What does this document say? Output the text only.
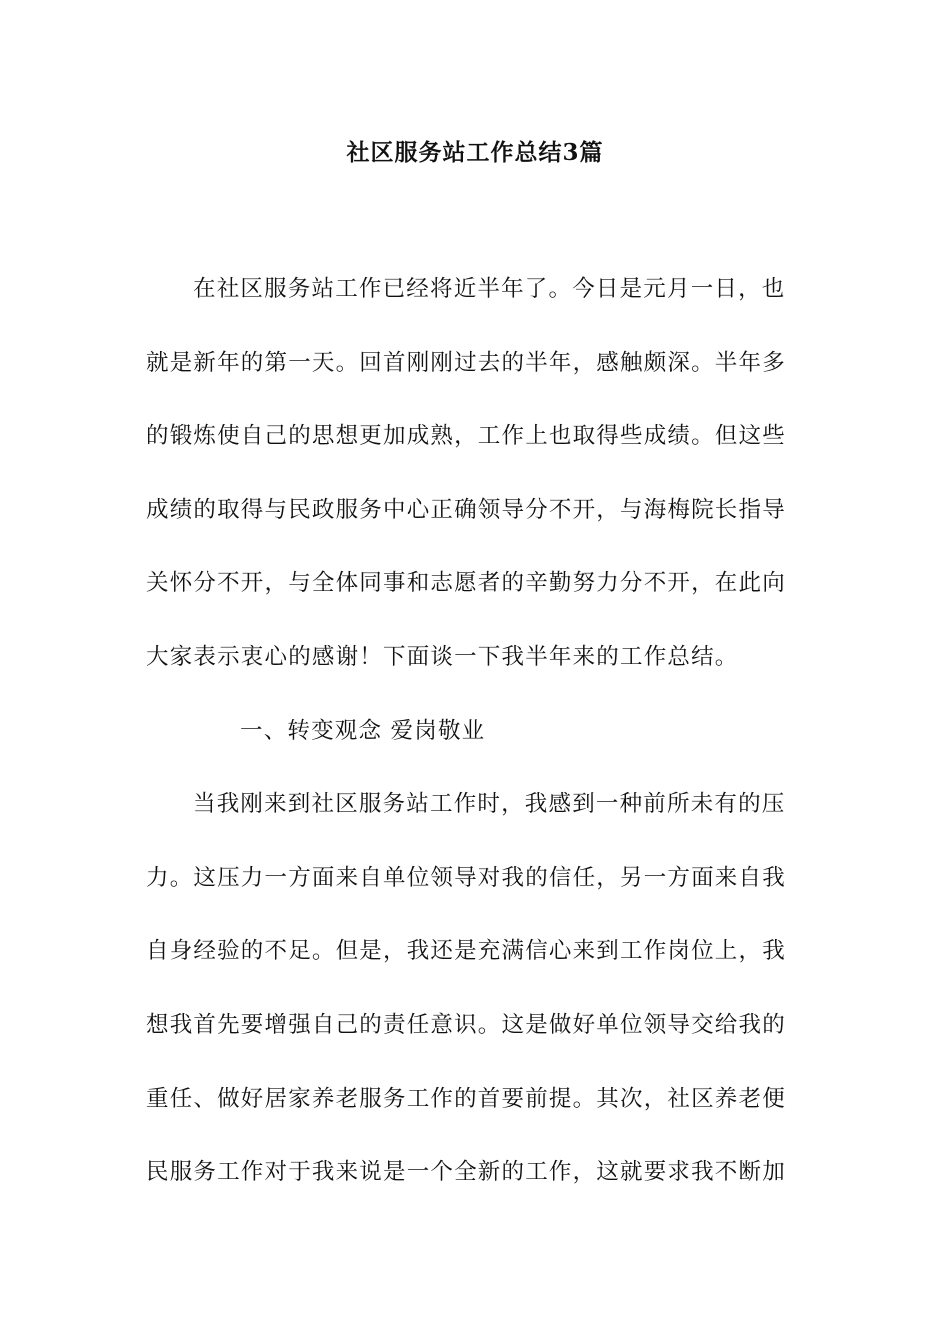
社区服务站工作总结3篇
在社区服务站工作已经将近半年了。今日是元月一日，也
就是新年的第一天。回首刚刚过去的半年，感触颇深。半年多
的锻炼使自己的思想更加成熟，工作上也取得些成绩。但这些
成绩的取得与民政服务中心正确领导分不开，与海梅院长指导
关怀分不开，与全体同事和志愿者的辛勤努力分不开，在此向
大家表示衷心的感谢！下面谈一下我半年来的工作总结。
一、转变观念 爱岗敬业
当我刚来到社区服务站工作时，我感到一种前所未有的压
力。这压力一方面来自单位领导对我的信任，另一方面来自我
自身经验的不足。但是，我还是充满信心来到工作岗位上，我
想我首先要增强自己的责任意识。这是做好单位领导交给我的
重任、做好居家养老服务工作的首要前提。其次，社区养老便
民服务工作对于我来说是一个全新的工作，这就要求我不断加
